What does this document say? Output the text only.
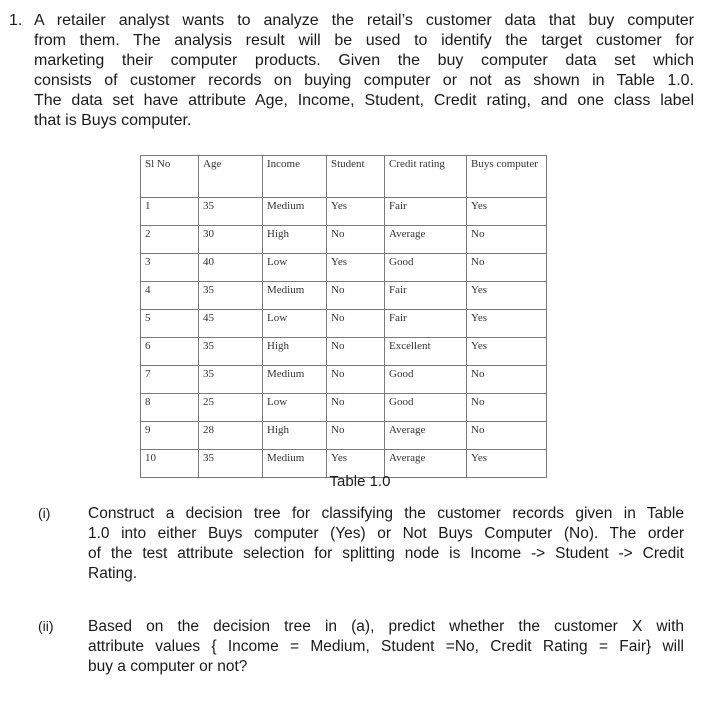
1. A retailer analyst wants to analyze the retail’s customer data that buy computer
from them. The analysis result will be used to identify the target customer for
marketing their computer products. Given the buy computer data set which
consists of customer records on buying computer or not as shown in Table 1.0.
The data set have attribute Age, Income, Student, Credit rating, and one class label
that is Buys computer.
Sl No	Age	Income	Student	Credit rating	Buys computer
1	35	Medium	Yes	Fair	Yes
2	30	High	No	Average	No
3	40	Low	Yes	Good	No
4	35	Medium	No	Fair	Yes
5	45	Low	No	Fair	Yes
6	35	High	No	Excellent	Yes
7	35	Medium	No	Good	No
8	25	Low	No	Good	No
9	28	High	No	Average	No
10	35	Medium	Yes	Average	Yes
Table 1.0
(i) Construct a decision tree for classifying the customer records given in Table
1.0 into either Buys computer (Yes) or Not Buys Computer (No). The order
of the test attribute selection for splitting node is Income -> Student -> Credit
Rating.
(ii) Based on the decision tree in (a), predict whether the customer X with
attribute values { Income = Medium, Student =No, Credit Rating = Fair} will
buy a computer or not?
